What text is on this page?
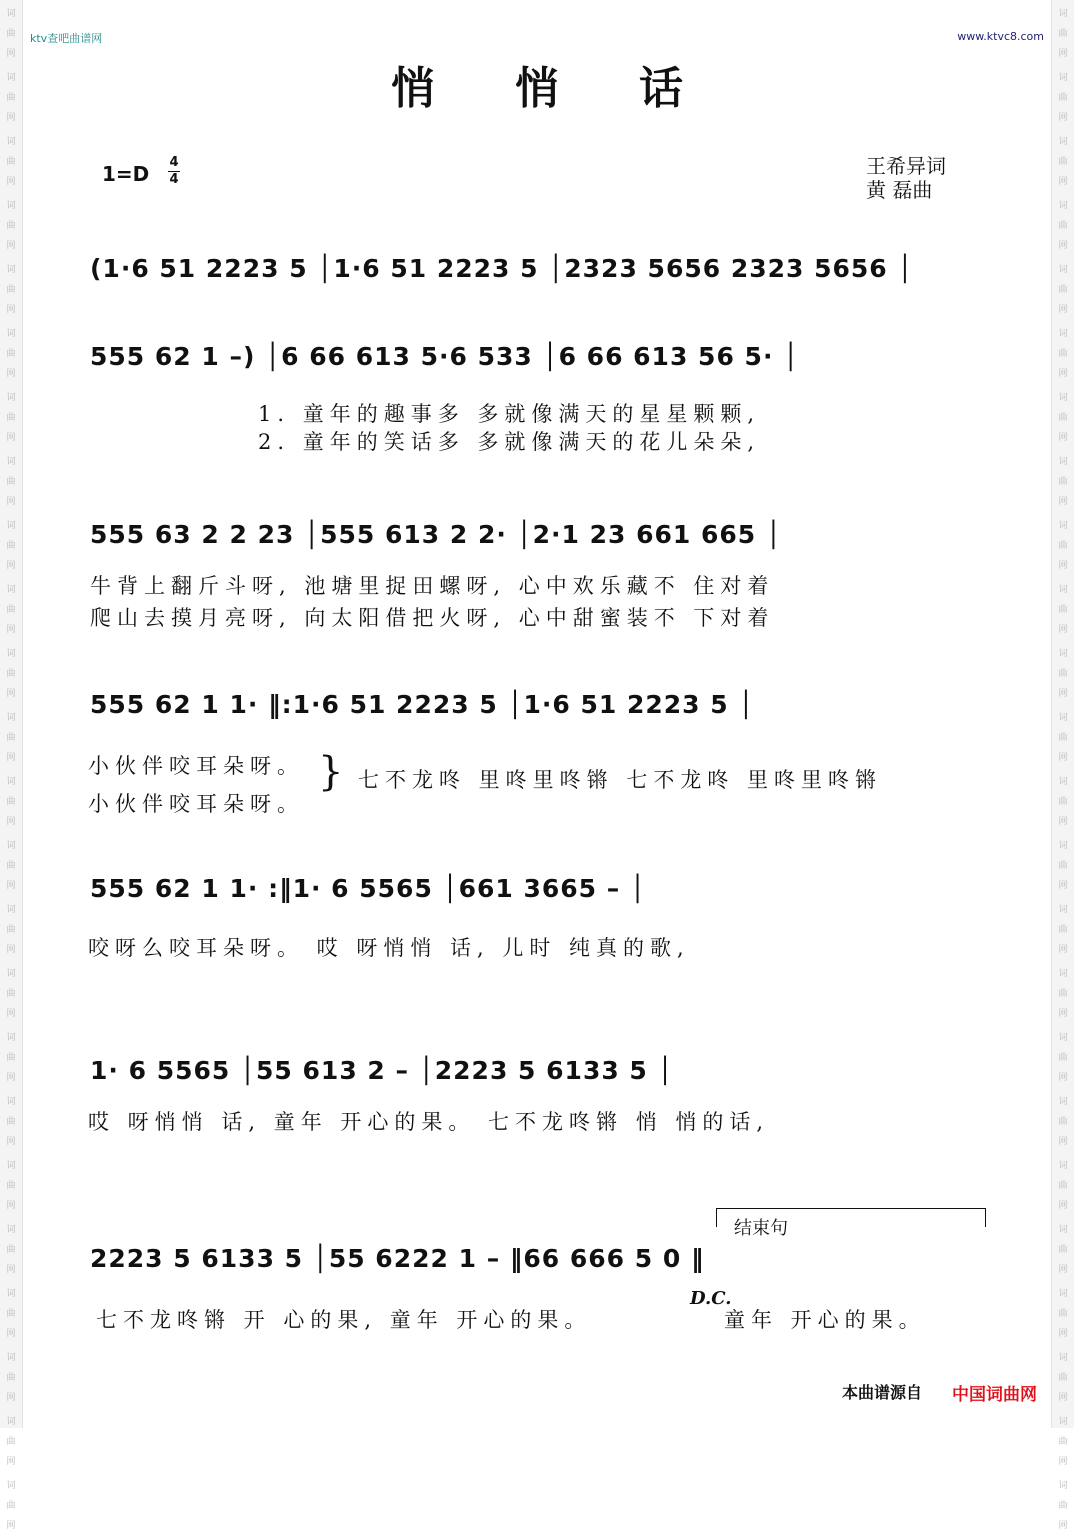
词
曲
网
词
曲
网
词
曲
网
词
曲
网
词
曲
网
词
曲
网
词
曲
网
词
曲
网
词
曲
网
词
曲
网
词
曲
网
词
曲
网
词
曲
网
词
曲
网
词
曲
网
词
曲
网
词
曲
网
词
曲
网
词
曲
网
词
曲
网
词
曲
网
词
曲
网
词
曲
网
词
曲
网
词
曲
网
词
曲
网
词
曲
网
词
曲
网
词
曲
网
词
曲
网
词
曲
网
词
曲
网
词
曲
网
词
曲
网
词
曲
网
词
曲
网
词
曲
网
词
曲
网
词
曲
网
词
曲
网
词
曲
网
词
曲
网
词
曲
网
词
曲
网
词
曲
网
词
曲
网
词
曲
网
词
曲
网
ktv查吧曲谱网	www.ktvc8.com
悄悄话
1=D 4
4
王希异词
黄 磊曲
(1·6 51 2223 5 │1·6 51 2223 5 │2323 5656 2323 5656 │
555 62 1 –) │6 66 613 5·6 533 │6 66 613 56 5· │
1. 童年的趣事多 多就像满天的星星颗颗,
2. 童年的笑话多 多就像满天的花儿朵朵,
555 63 2 2 23 │555 613 2 2· │2·1 23 661 665 │
牛背上翻斤斗呀, 池塘里捉田螺呀, 心中欢乐藏不 住对着
爬山去摸月亮呀, 向太阳借把火呀, 心中甜蜜装不 下对着
555 62 1 1· ‖:1·6 51 2223 5 │1·6 51 2223 5 │
小伙伴咬耳朵呀。
小伙伴咬耳朵呀。
} 七不龙咚 里咚里咚锵 七不龙咚 里咚里咚锵
555 62 1 1· :‖1· 6 5565 │661 3665 – │
咬呀么咬耳朵呀。 哎 呀悄悄 话, 儿时 纯真的歌,
1· 6 5565 │55 613 2 – │2223 5 6133 5 │
哎 呀悄悄 话, 童年 开心的果。 七不龙咚锵 悄 悄的话,
结束句
2223 5 6133 5 │55 6222 1 – ‖66 666 5 0 ‖
D.C.
七不龙咚锵 开 心的果, 童年 开心的果。	童年 开心的果。
本曲谱源自 中国词曲网
